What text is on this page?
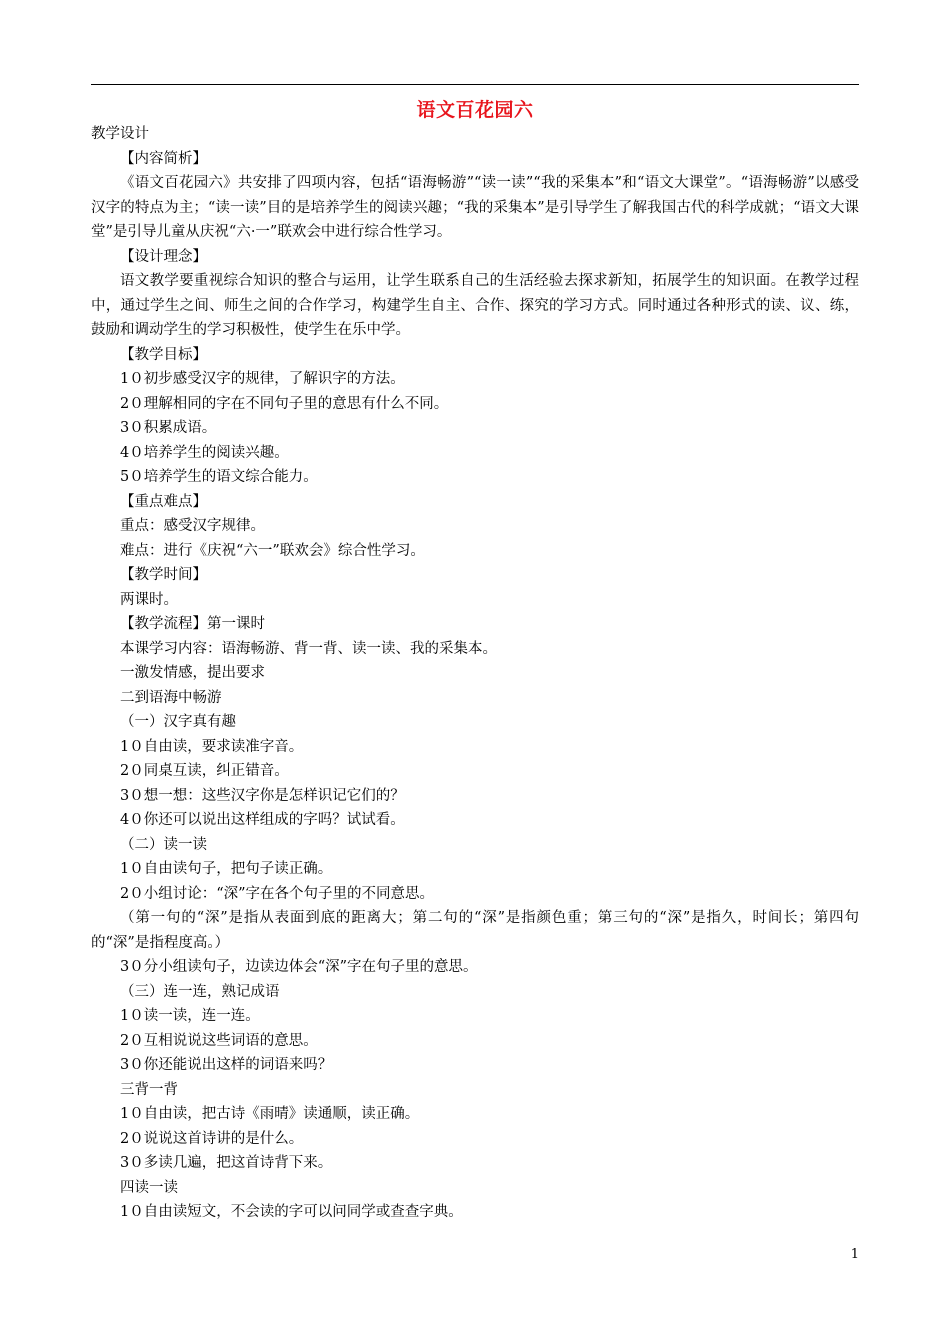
语文百花园六
教学设计
【内容简析】
《语文百花园六》共安排了四项内容，包括“语海畅游”“读一读”“我的采集本”和“语文大课堂”。“语海畅游”以感受汉字的特点为主；“读一读”目的是培养学生的阅读兴趣；“我的采集本”是引导学生了解我国古代的科学成就；“语文大课堂”是引导儿童从庆祝“六·一”联欢会中进行综合性学习。
【设计理念】
语文教学要重视综合知识的整合与运用，让学生联系自己的生活经验去探求新知，拓展学生的知识面。在教学过程中，通过学生之间、师生之间的合作学习，构建学生自主、合作、探究的学习方式。同时通过各种形式的读、议、练，鼓励和调动学生的学习积极性，使学生在乐中学。
【教学目标】
1０初步感受汉字的规律，了解识字的方法。
2０理解相同的字在不同句子里的意思有什么不同。
3０积累成语。
4０培养学生的阅读兴趣。
5０培养学生的语文综合能力。
【重点难点】
重点：感受汉字规律。
难点：进行《庆祝“六一”联欢会》综合性学习。
【教学时间】
两课时。
【教学流程】第一课时
本课学习内容：语海畅游、背一背、读一读、我的采集本。
一激发情感，提出要求
二到语海中畅游
（一）汉字真有趣
1０自由读，要求读准字音。
2０同桌互读，纠正错音。
3０想一想：这些汉字你是怎样识记它们的？
4０你还可以说出这样组成的字吗？试试看。
（二）读一读
1０自由读句子，把句子读正确。
2０小组讨论：“深”字在各个句子里的不同意思。
（第一句的“深”是指从表面到底的距离大；第二句的“深”是指颜色重；第三句的“深”是指久，时间长；第四句的“深”是指程度高。）
3０分小组读句子，边读边体会“深”字在句子里的意思。
（三）连一连，熟记成语
1０读一读，连一连。
2０互相说说这些词语的意思。
3０你还能说出这样的词语来吗？
三背一背
1０自由读，把古诗《雨晴》读通顺，读正确。
2０说说这首诗讲的是什么。
3０多读几遍，把这首诗背下来。
四读一读
1０自由读短文，不会读的字可以问同学或查查字典。
1
